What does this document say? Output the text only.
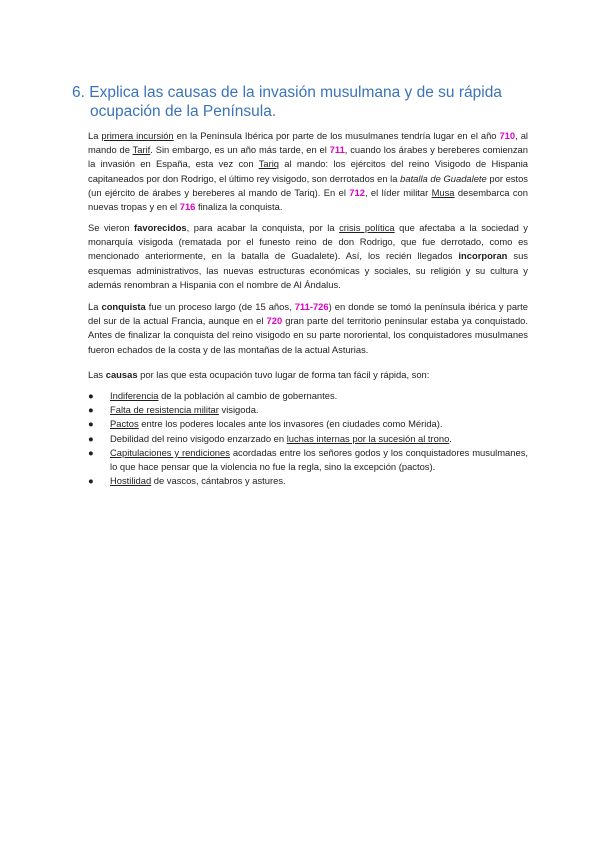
6. Explica las causas de la invasión musulmana y de su rápida
ocupación de la Península.

La primera incursión en la Península Ibérica por parte de los musulmanes tendría lugar en el año 710, al mando de Tarif. Sin embargo, es un año más tarde, en el 711, cuando los árabes y bereberes comienzan la invasión en España, esta vez con Tariq al mando: los ejércitos del reino Visigodo de Hispania capitaneados por don Rodrigo, el último rey visigodo, son derrotados en la batalla de Guadalete por estos (un ejército de árabes y bereberes al mando de Tariq). En el 712, el líder militar Musa desembarca con nuevas tropas y en el 716 finaliza la conquista.

Se vieron favorecidos, para acabar la conquista, por la crisis política que afectaba a la sociedad y monarquía visigoda (rematada por el funesto reino de don Rodrigo, que fue derrotado, como es mencionado anteriormente, en la batalla de Guadalete). Así, los recién llegados incorporan sus esquemas administrativos, las nuevas estructuras económicas y sociales, su religión y su cultura y además renombran a Hispania con el nombre de Al Ándalus.

La conquista fue un proceso largo (de 15 años, 711-726) en donde se tomó la península ibérica y parte del sur de la actual Francia, aunque en el 720 gran parte del territorio peninsular estaba ya conquistado. Antes de finalizar la conquista del reino visigodo en su parte nororiental, los conquistadores musulmanes fueron echados de la costa y de las montañas de la actual Asturias.

Las causas por las que esta ocupación tuvo lugar de forma tan fácil y rápida, son:

● Indiferencia de la población al cambio de gobernantes.
● Falta de resistencia militar visigoda.
● Pactos entre los poderes locales ante los invasores (en ciudades como Mérida).
● Debilidad del reino visigodo enzarzado en luchas internas por la sucesión al trono.
● Capitulaciones y rendiciones acordadas entre los señores godos y los conquistadores musulmanes, lo que hace pensar que la violencia no fue la regla, sino la excepción (pactos).
● Hostilidad de vascos, cántabros y astures.
